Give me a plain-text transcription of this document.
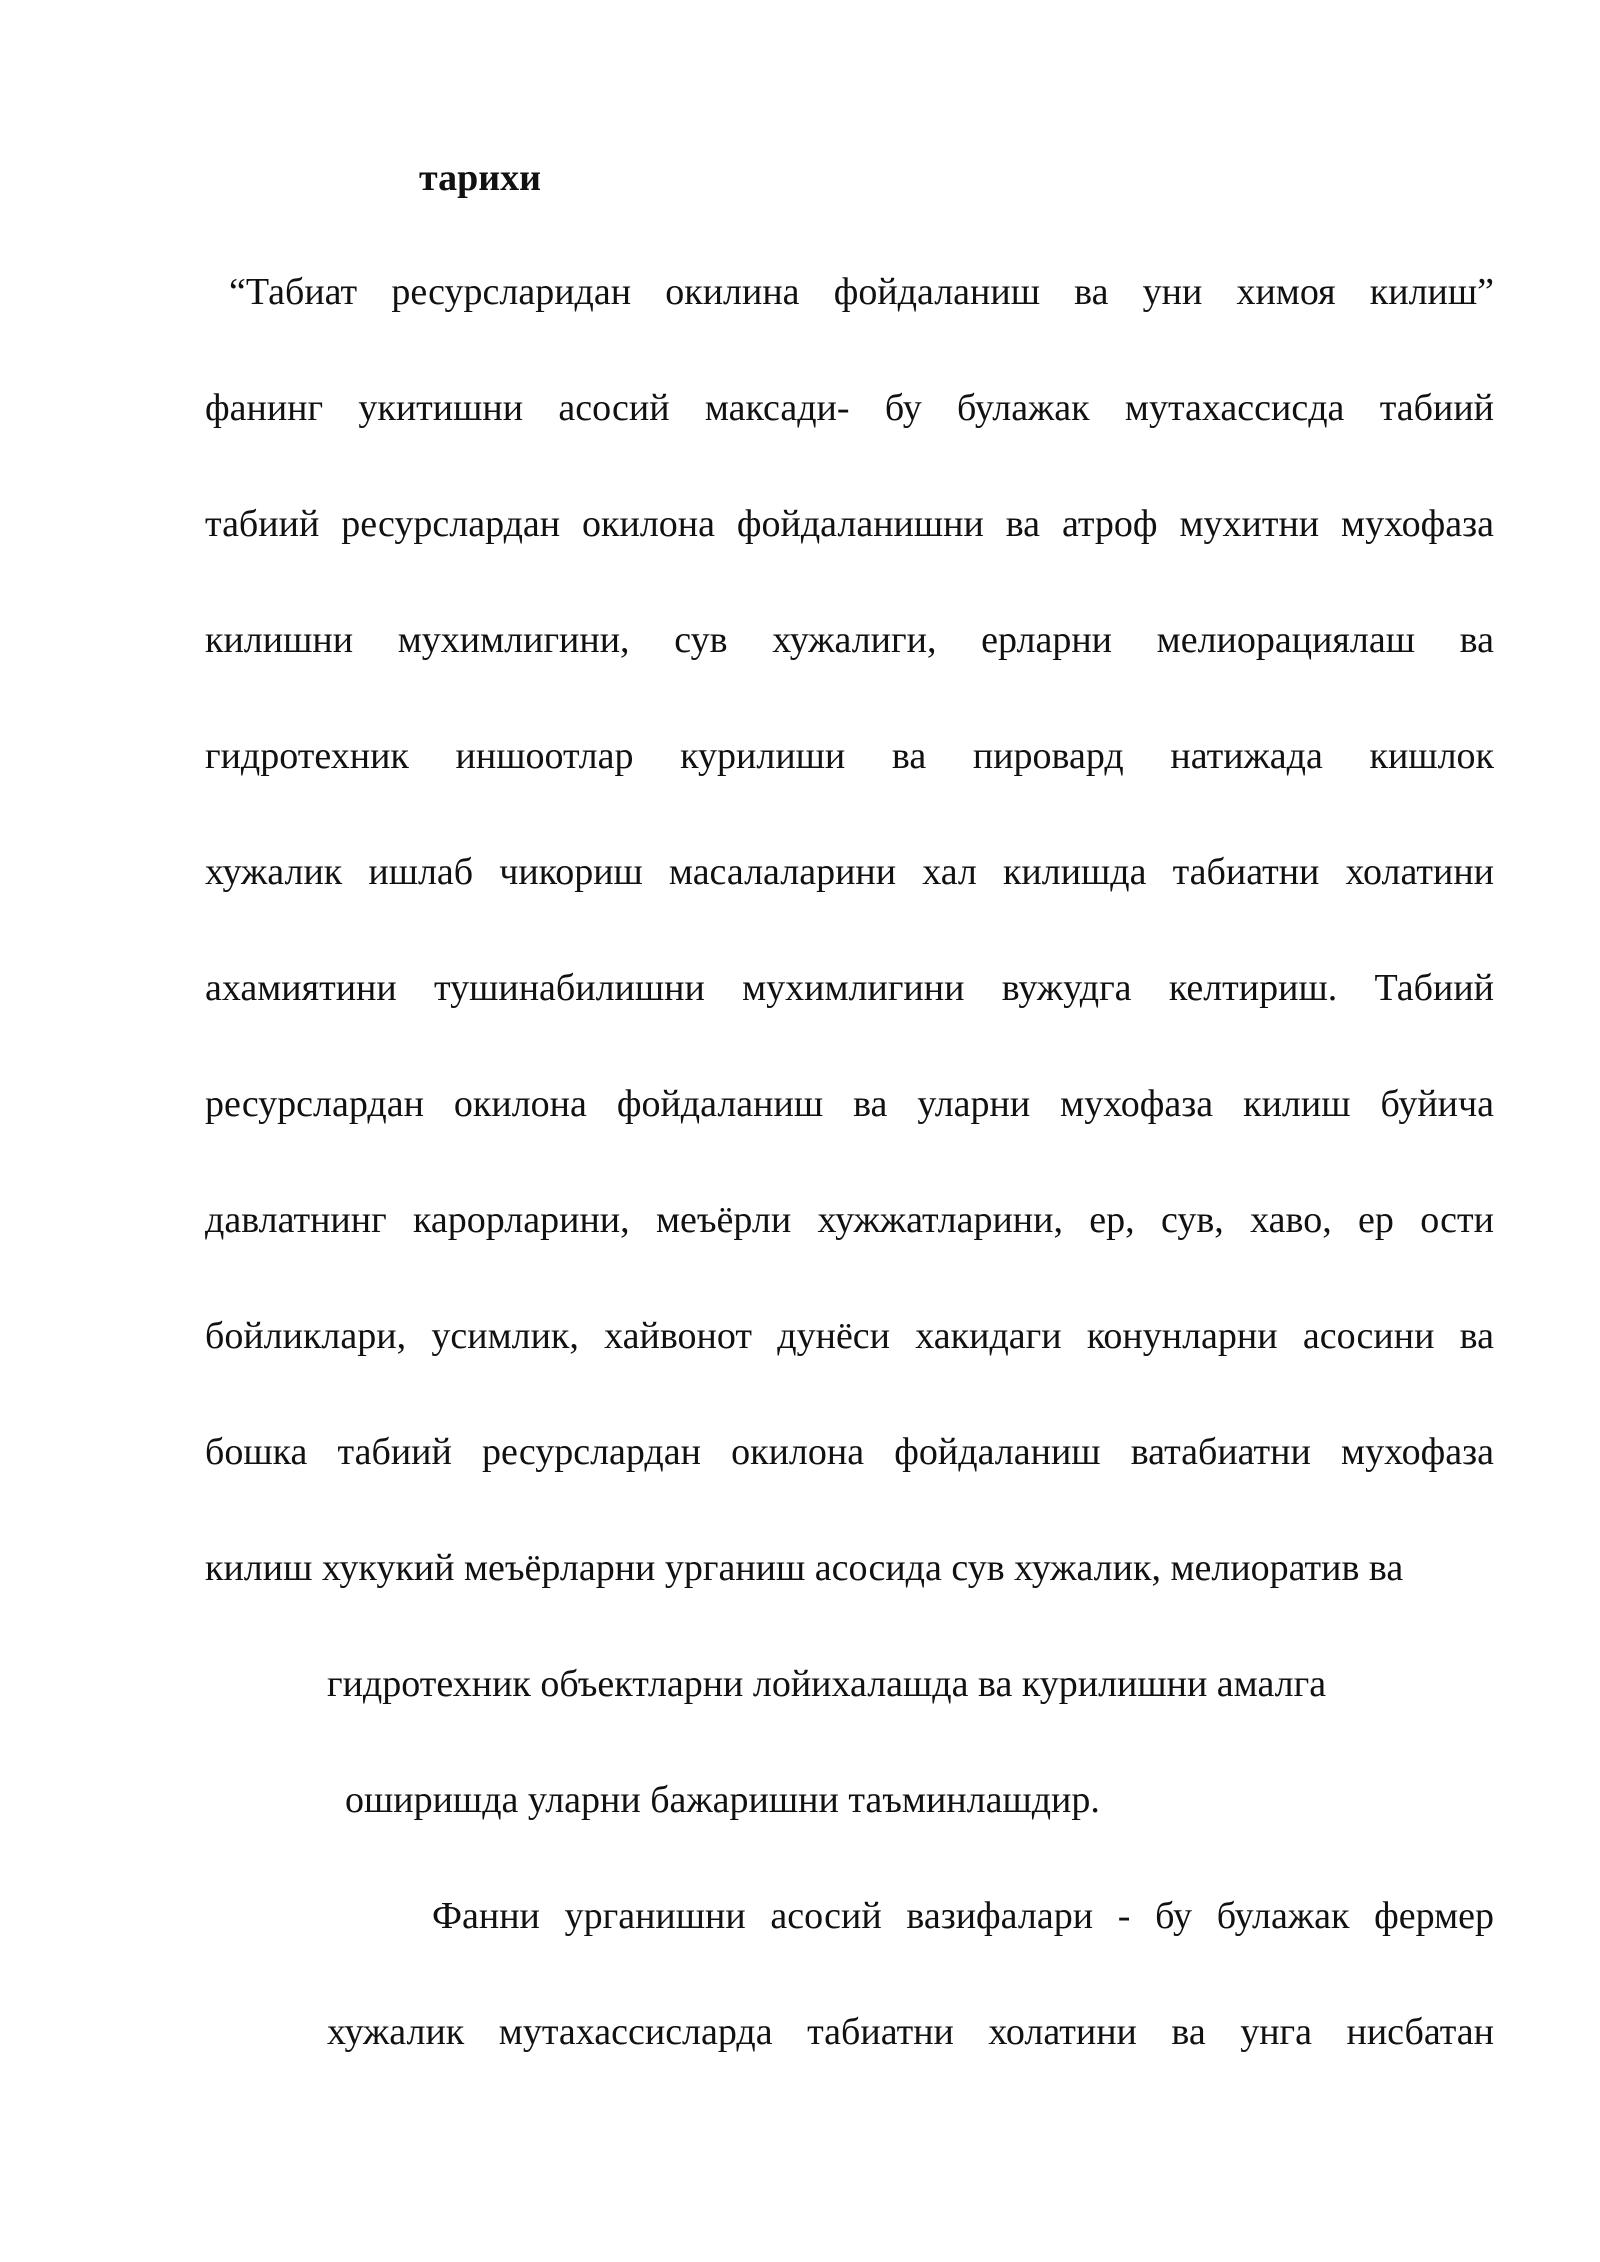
тарихи
“Табиат ресурсларидан окилина фойдаланиш ва уни химоя килиш”
фанинг укитишни асосий максади- бу булажак мутахассисда табиий
табиий ресурслардан окилона фойдаланишни ва атроф мухитни мухофаза
килишни мухимлигини, сув хужалиги, ерларни мелиорациялаш ва
гидротехник иншоотлар курилиши ва пировард натижада кишлок
хужалик ишлаб чикориш масалаларини хал килишда табиатни холатини
ахамиятини тушинабилишни мухимлигини вужудга келтириш. Табиий
ресурслардан окилона фойдаланиш ва уларни мухофаза килиш буйича
давлатнинг карорларини, меъёрли хужжатларини, ер, сув, хаво, ер ости
бойликлари, усимлик, хайвонот дунёси хакидаги конунларни асосини ва
бошка табиий ресурслардан окилона фойдаланиш ватабиатни мухофаза
килиш хукукий меъёрларни урганиш асосида сув хужалик, мелиоратив ва
гидротехник объектларни лойихалашда ва курилишни амалга
оширишда уларни бажаришни таъминлашдир.
Фанни урганишни асосий вазифалари - бу булажак фермер
хужалик мутахассисларда табиатни холатини ва унга нисбатан
